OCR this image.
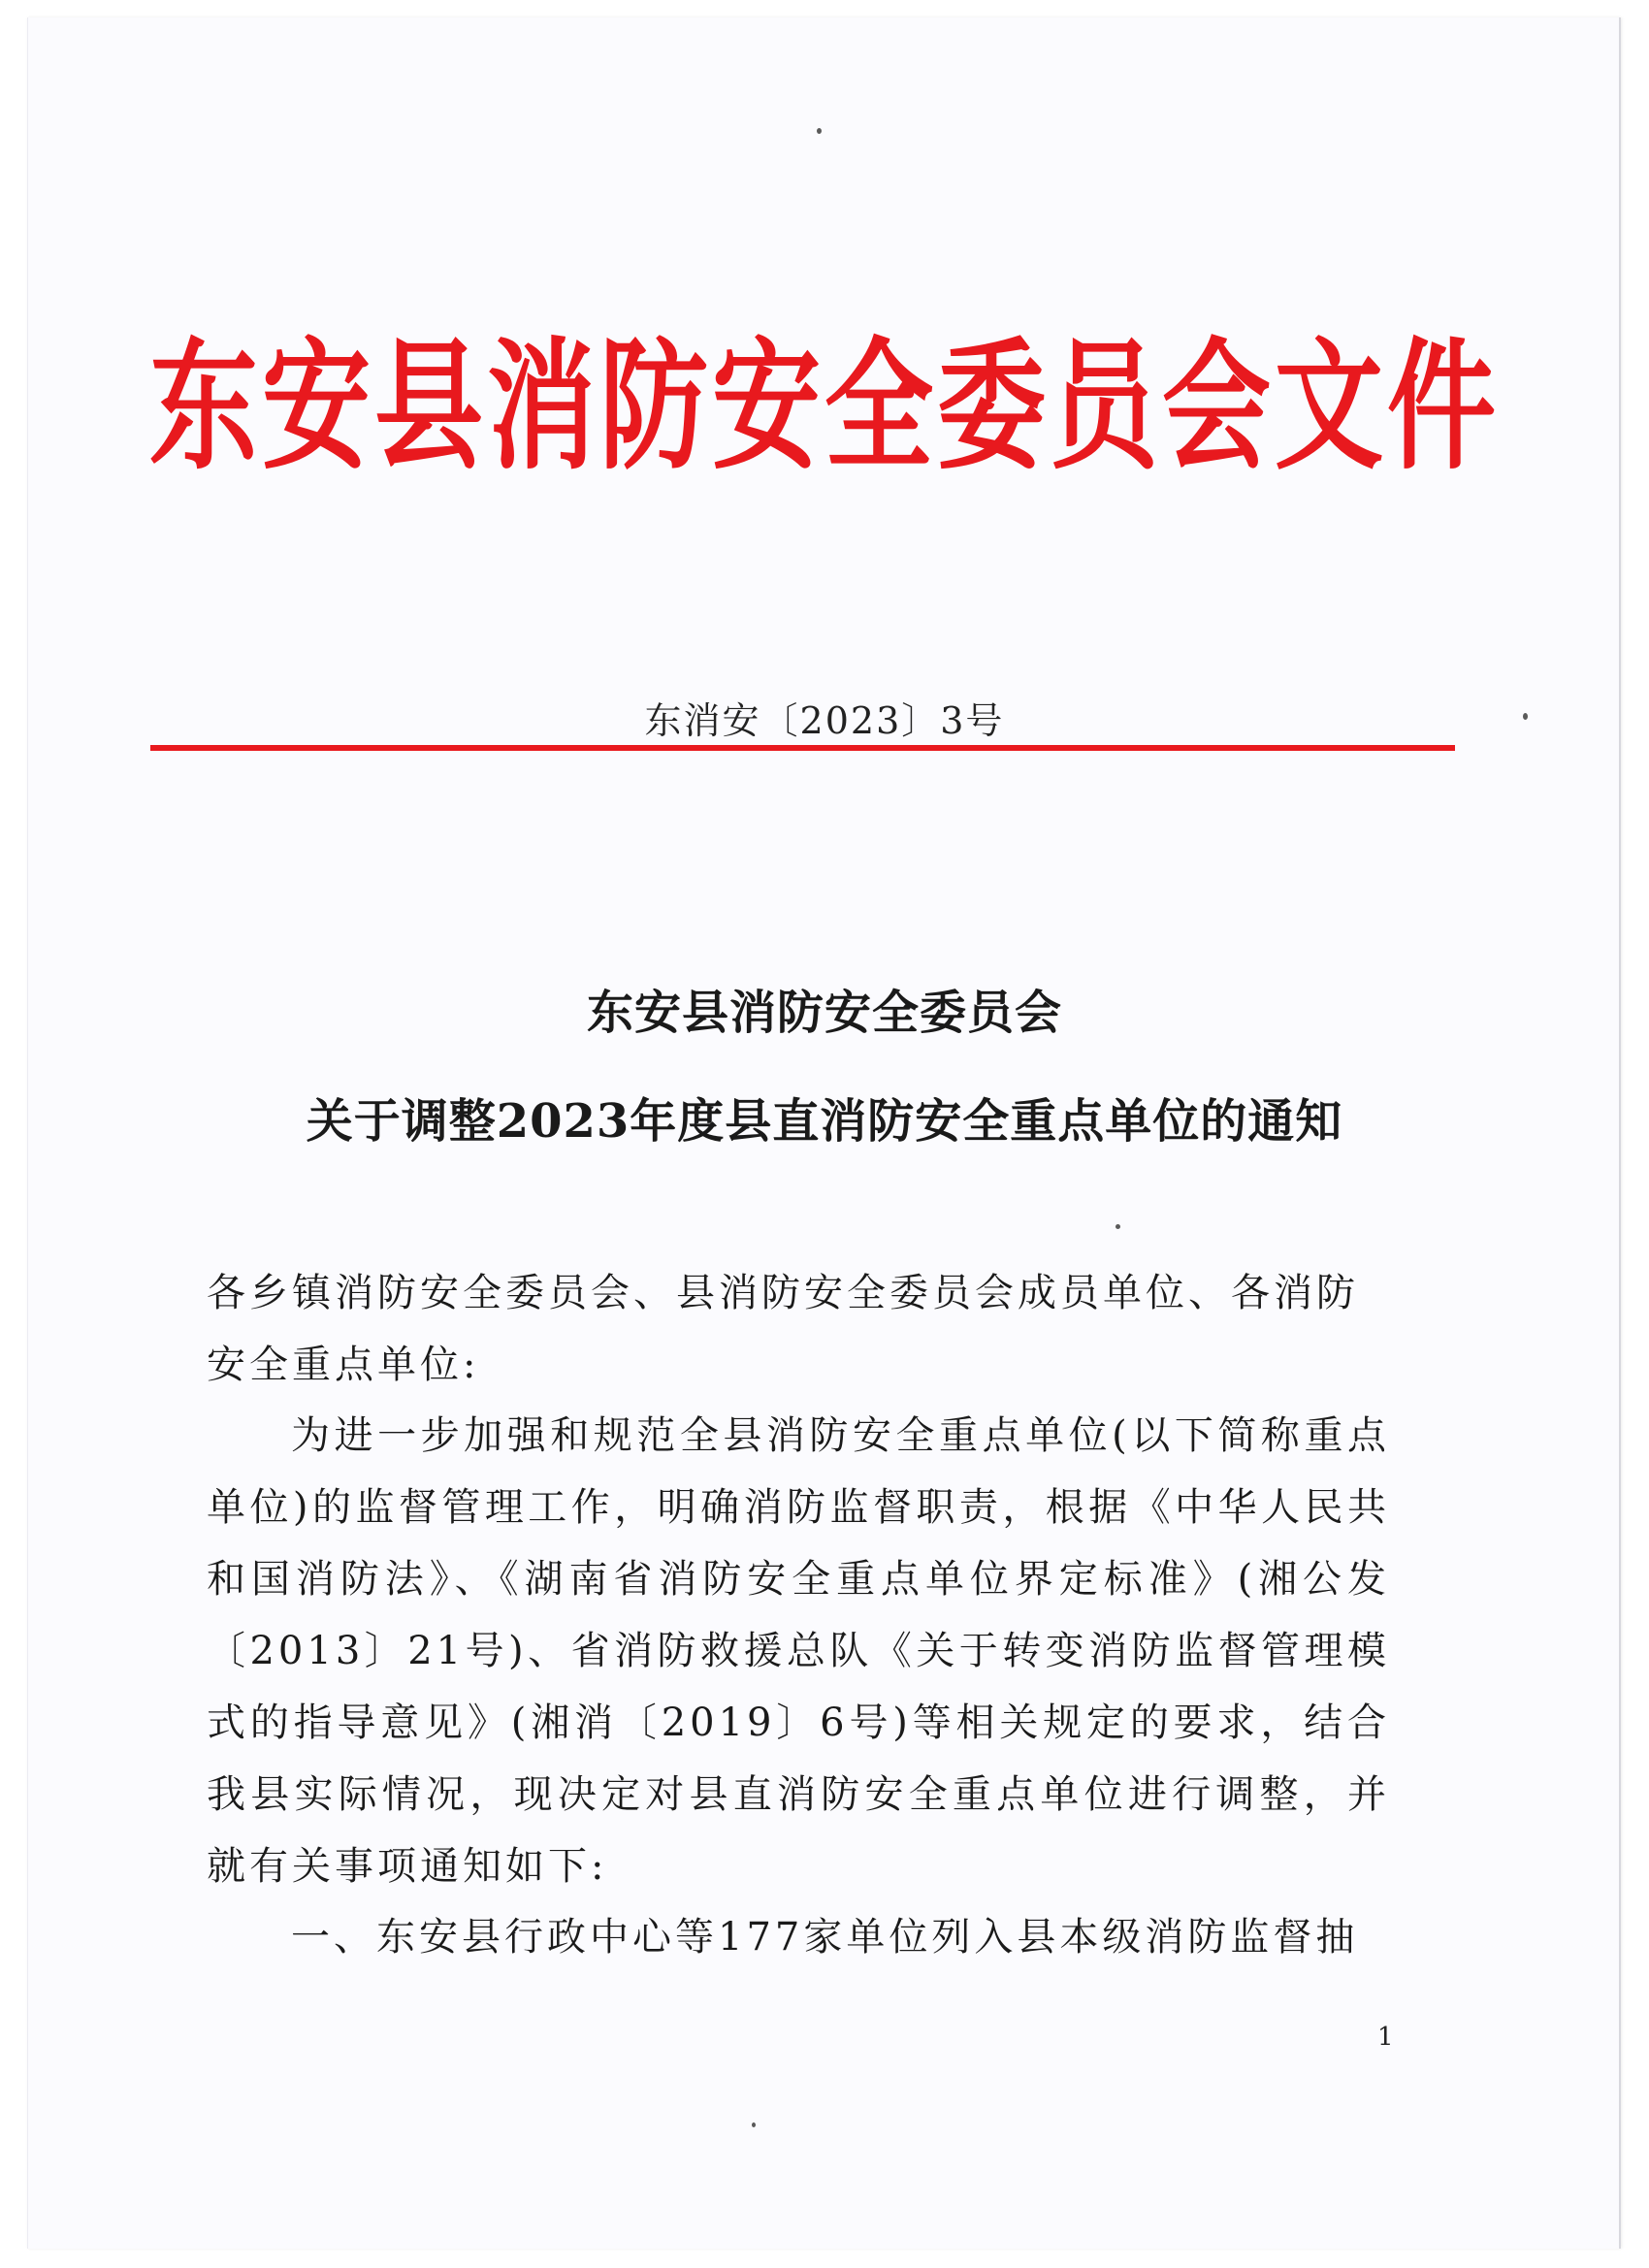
东安县消防安全委员会文件
东消安〔2023〕3号
东安县消防安全委员会
关于调整2023年度县直消防安全重点单位的通知
各乡镇消防安全委员会、县消防安全委员会成员单位、各消防安全重点单位:
为进一步加强和规范全县消防安全重点单位(以下简称重点单位)的监督管理工作，明确消防监督职责，根据《中华人民共和国消防法》、《湖南省消防安全重点单位界定标准》(湘公发〔2013〕21号)、省消防救援总队《关于转变消防监督管理模式的指导意见》(湘消〔2019〕6号)等相关规定的要求，结合我县实际情况，现决定对县直消防安全重点单位进行调整，并就有关事项通知如下:
一、东安县行政中心等177家单位列入县本级消防监督抽
1
